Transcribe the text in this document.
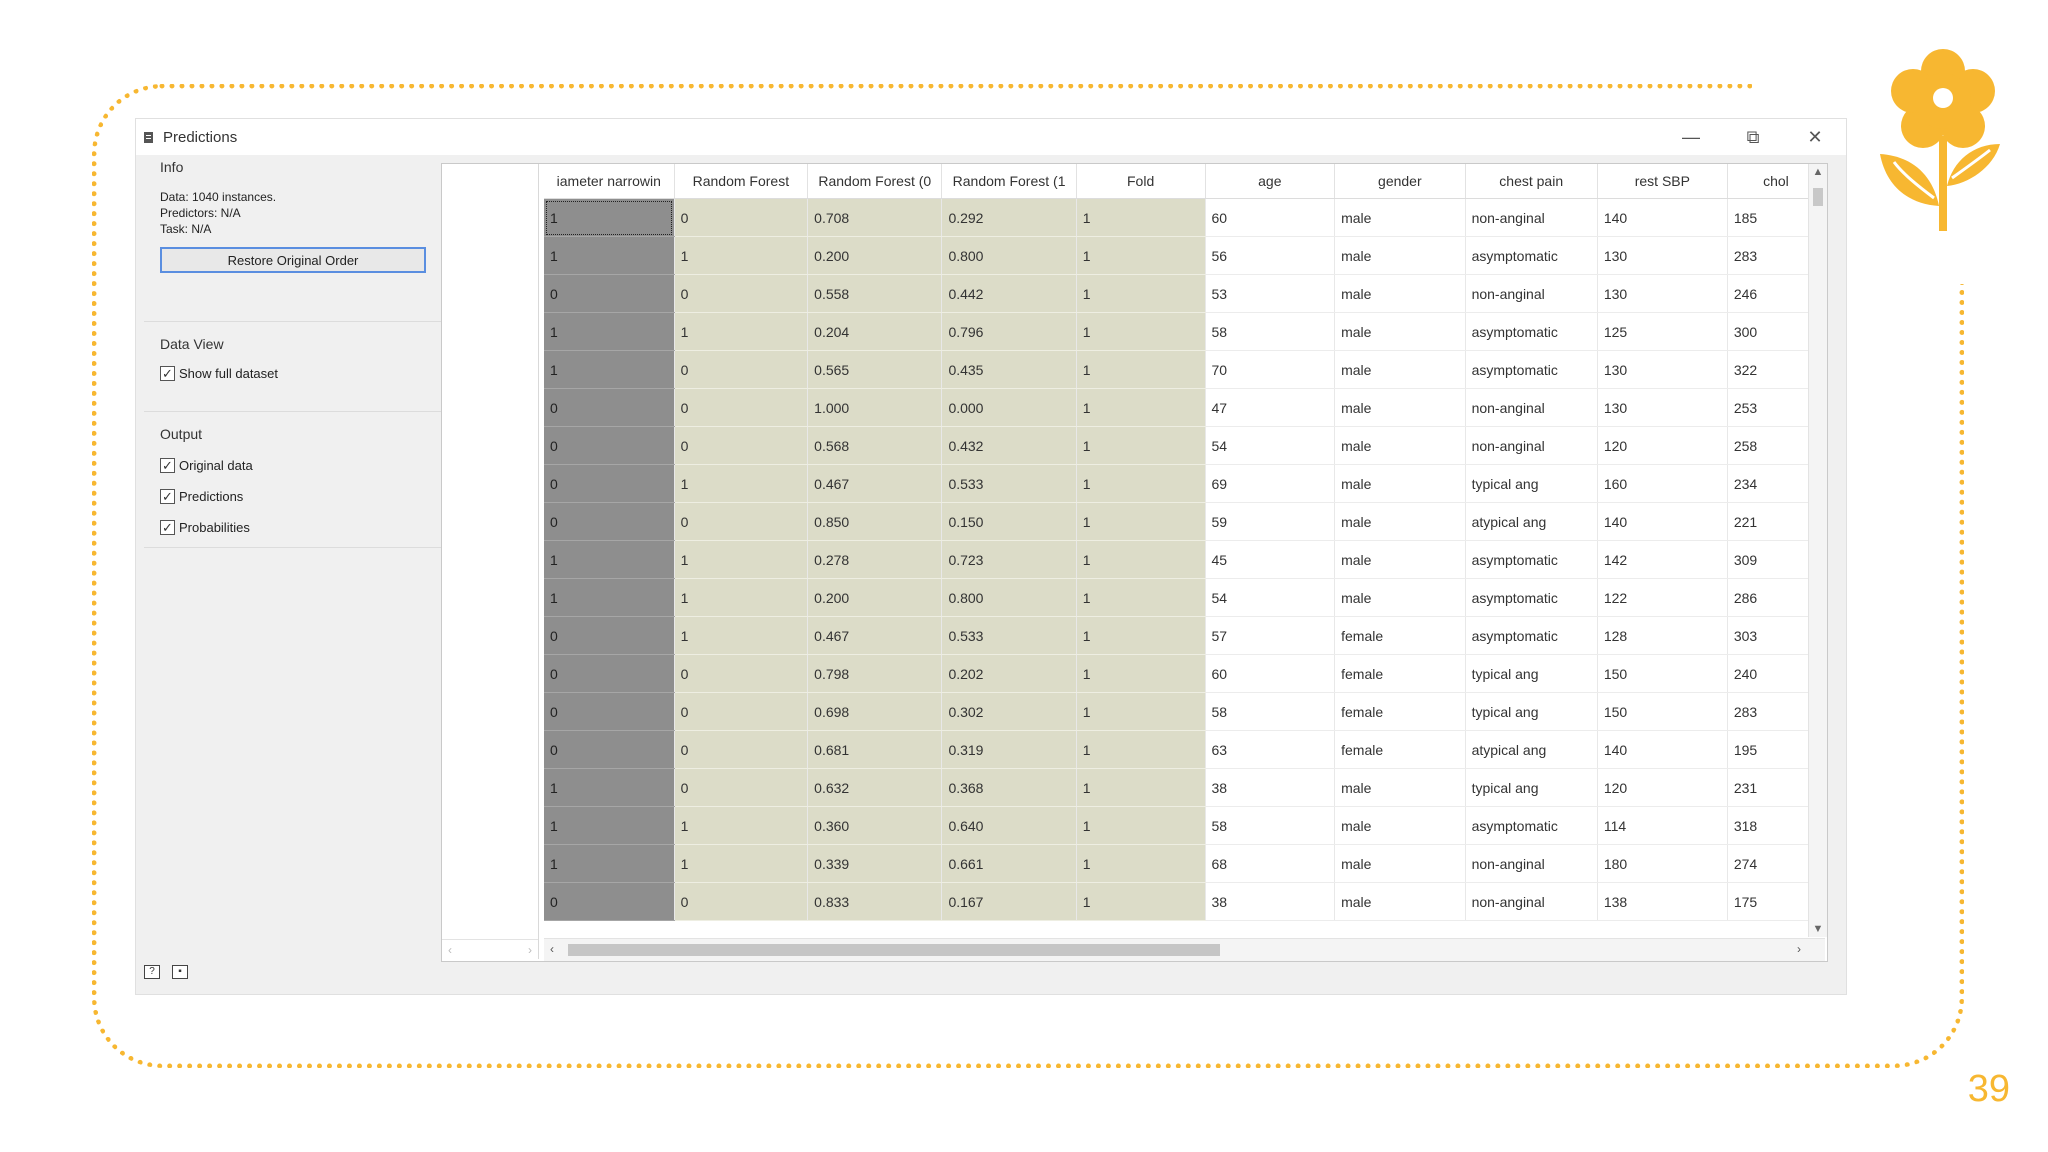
39
Predictions	—	⧉	✕
Info
Data: 1040 instances.
Predictors: N/A
Task: N/A
Restore Original Order
Data View
✓ Show full dataset
Output
✓ Original data
✓ Predictions
✓ Probabilities
?	▪
‹	›
iameter narrowin	Random Forest	Random Forest (0	Random Forest (1	Fold	age	gender	chest pain	rest SBP	chol
1	0	0.708	0.292	1	60	male	non-anginal	140	185
1	1	0.200	0.800	1	56	male	asymptomatic	130	283
0	0	0.558	0.442	1	53	male	non-anginal	130	246
1	1	0.204	0.796	1	58	male	asymptomatic	125	300
1	0	0.565	0.435	1	70	male	asymptomatic	130	322
0	0	1.000	0.000	1	47	male	non-anginal	130	253
0	0	0.568	0.432	1	54	male	non-anginal	120	258
0	1	0.467	0.533	1	69	male	typical ang	160	234
0	0	0.850	0.150	1	59	male	atypical ang	140	221
1	1	0.278	0.723	1	45	male	asymptomatic	142	309
1	1	0.200	0.800	1	54	male	asymptomatic	122	286
0	1	0.467	0.533	1	57	female	asymptomatic	128	303
0	0	0.798	0.202	1	60	female	typical ang	150	240
0	0	0.698	0.302	1	58	female	typical ang	150	283
0	0	0.681	0.319	1	63	female	atypical ang	140	195
1	0	0.632	0.368	1	38	male	typical ang	120	231
1	1	0.360	0.640	1	58	male	asymptomatic	114	318
1	1	0.339	0.661	1	68	male	non-anginal	180	274
0	0	0.833	0.167	1	38	male	non-anginal	138	175
▲
▼
‹	›
